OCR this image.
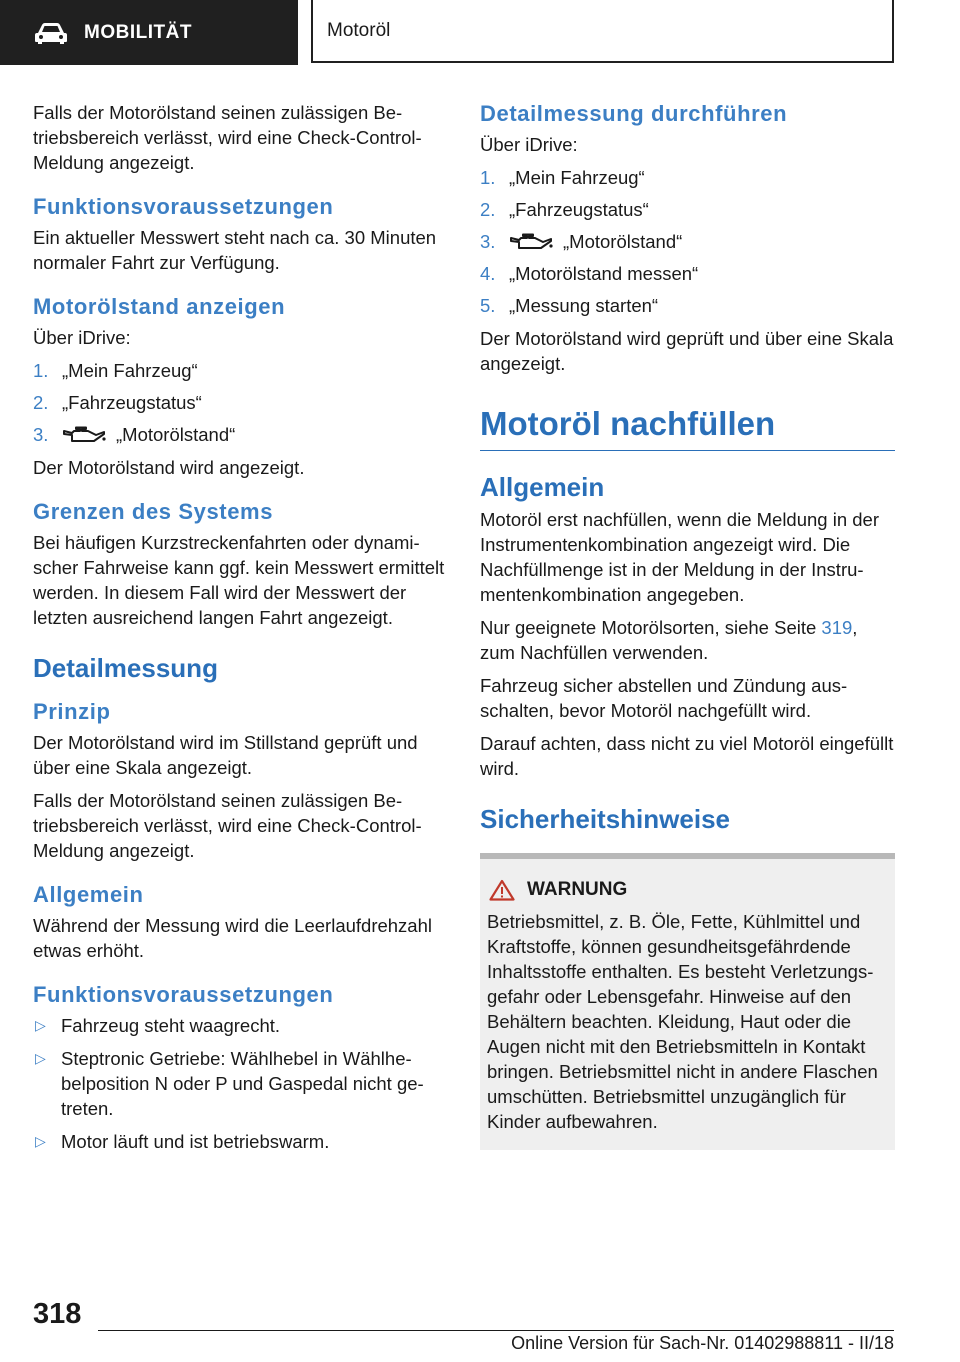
MOBILITÄT	Motoröl

Falls der Motorölstand seinen zulässigen Betriebsbereich verlässt, wird eine Check-Control-Meldung angezeigt.

Funktionsvoraussetzungen

Ein aktueller Messwert steht nach ca. 30 Minuten normaler Fahrt zur Verfügung.

Motorölstand anzeigen

Über iDrive:

1. „Mein Fahrzeug“
2. „Fahrzeugstatus“
3.	„Motorölstand“

Der Motorölstand wird angezeigt.

Grenzen des Systems

Bei häufigen Kurzstreckenfahrten oder dynamischer Fahrweise kann ggf. kein Messwert ermittelt werden. In diesem Fall wird der Messwert der letzten ausreichend langen Fahrt angezeigt.

Detailmessung
Prinzip

Der Motorölstand wird im Stillstand geprüft und über eine Skala angezeigt.

Falls der Motorölstand seinen zulässigen Betriebsbereich verlässt, wird eine Check-Control-Meldung angezeigt.

Allgemein

Während der Messung wird die Leerlaufdrehzahl etwas erhöht.

Funktionsvoraussetzungen
▷ Fahrzeug steht waagrecht.
▷ Steptronic Getriebe: Wählhebel in Wählhebelposition N oder P und Gaspedal nicht getreten.
▷ Motor läuft und ist betriebswarm.
Detailmessung durchführen

Über iDrive:

1. „Mein Fahrzeug“
2. „Fahrzeugstatus“
3.	„Motorölstand“
4. „Motorölstand messen“
5. „Messung starten“

Der Motorölstand wird geprüft und über eine Skala angezeigt.

Motoröl nachfüllen
Allgemein

Motoröl erst nachfüllen, wenn die Meldung in der Instrumentenkombination angezeigt wird. Die Nachfüllmenge ist in der Meldung in der Instrumentenkombination angegeben.

Nur geeignete Motorölsorten, siehe Seite 319, zum Nachfüllen verwenden.

Fahrzeug sicher abstellen und Zündung ausschalten, bevor Motoröl nachgefüllt wird.

Darauf achten, dass nicht zu viel Motoröl eingefüllt wird.

Sicherheitshinweise
WARNUNG

Betriebsmittel, z. B. Öle, Fette, Kühlmittel und Kraftstoffe, können gesundheitsgefährdende Inhaltsstoffe enthalten. Es besteht Verletzungsgefahr oder Lebensgefahr. Hinweise auf den Behältern beachten. Kleidung, Haut oder die Augen nicht mit den Betriebsmitteln in Kontakt bringen. Betriebsmittel nicht in andere Flaschen umschütten. Betriebsmittel unzugänglich für Kinder aufbewahren.

318
Online Version für Sach-Nr. 01402988811 - II/18
